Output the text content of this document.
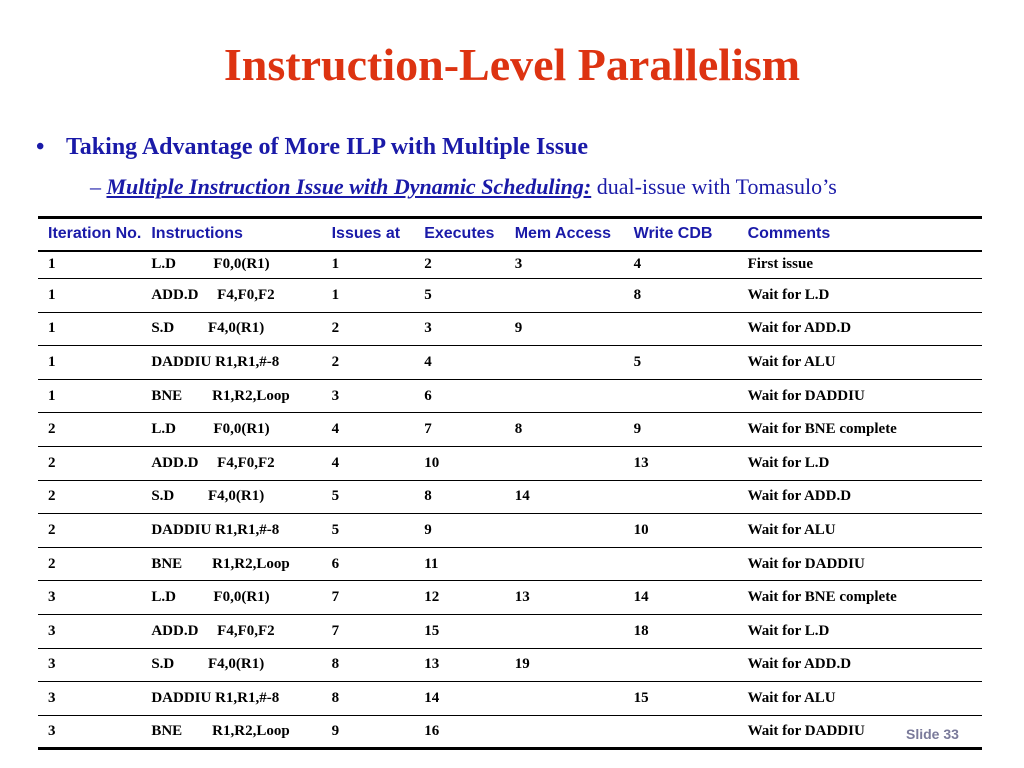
Instruction-Level Parallelism
• Taking Advantage of More ILP with Multiple Issue
– Multiple Instruction Issue with Dynamic Scheduling: dual-issue with Tomasulo’s
Iteration No.	Instructions	Issues at	Executes	Mem Access	Write CDB	Comments
1	L.D          F0,0(R1)	1	2	3	4	First issue
1	ADD.D     F4,F0,F2	1	5		8	Wait for L.D
1	S.D         F4,0(R1)	2	3	9		Wait for ADD.D
1	DADDIU R1,R1,#-8	2	4		5	Wait for ALU
1	BNE        R1,R2,Loop	3	6			Wait for DADDIU
2	L.D          F0,0(R1)	4	7	8	9	Wait for BNE complete
2	ADD.D     F4,F0,F2	4	10		13	Wait for L.D
2	S.D         F4,0(R1)	5	8	14		Wait for ADD.D
2	DADDIU R1,R1,#-8	5	9		10	Wait for ALU
2	BNE        R1,R2,Loop	6	11			Wait for DADDIU
3	L.D          F0,0(R1)	7	12	13	14	Wait for BNE complete
3	ADD.D     F4,F0,F2	7	15		18	Wait for L.D
3	S.D         F4,0(R1)	8	13	19		Wait for ADD.D
3	DADDIU R1,R1,#-8	8	14		15	Wait for ALU
3	BNE        R1,R2,Loop	9	16			Wait for DADDIU	Slide 33
